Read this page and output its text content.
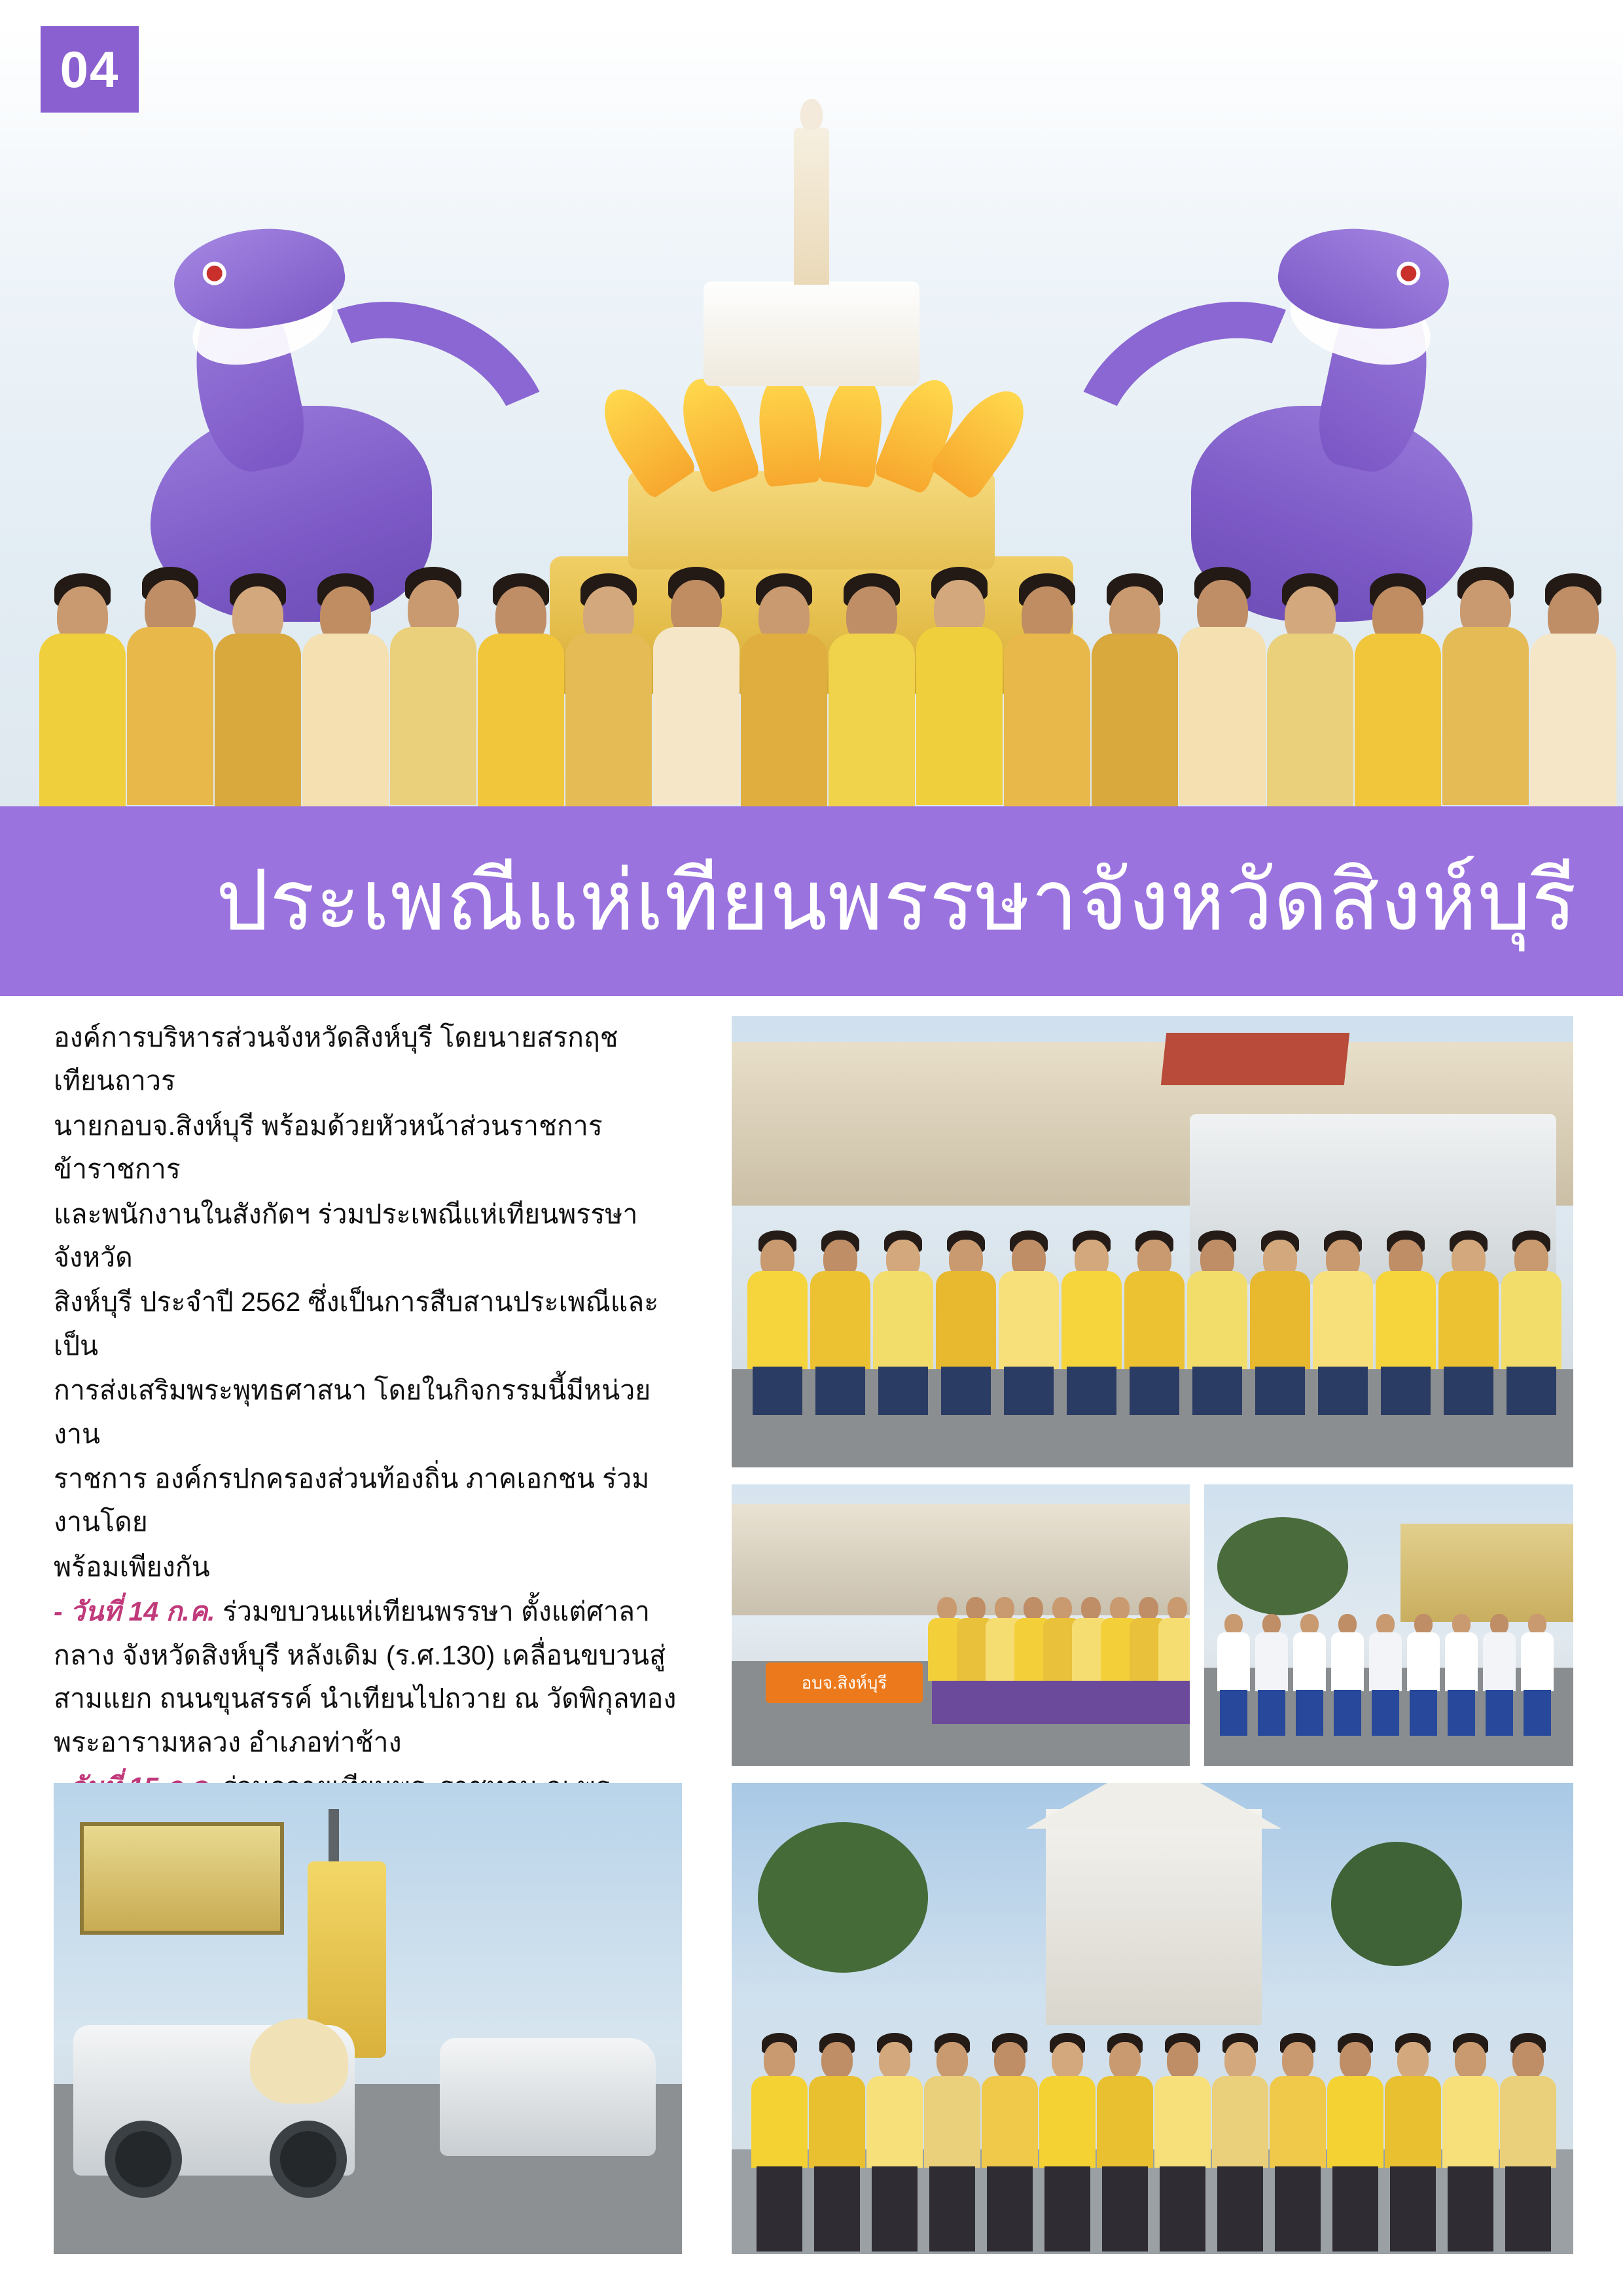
04
ประเพณีแห่เทียนพรรษาจังหวัดสิงห์บุรี

องค์การบริหารส่วนจังหวัดสิงห์บุรี โดยนายสรกฤช เทียนถาวร

นายกอบจ.สิงห์บุรี พร้อมด้วยหัวหน้าส่วนราชการ ข้าราชการ

และพนักงานในสังกัดฯ ร่วมประเพณีแห่เทียนพรรษาจังหวัด

สิงห์บุรี ประจำปี 2562 ซึ่งเป็นการสืบสานประเพณีและเป็น

การส่งเสริมพระพุทธศาสนา โดยในกิจกรรมนี้มีหน่วยงาน

ราชการ องค์กรปกครองส่วนท้องถิ่น ภาคเอกชน ร่วมงานโดย

พร้อมเพียงกัน

- วันที่ 14 ก.ค. ร่วมขบวนแห่เทียนพรรษา ตั้งแต่ศาลากลาง จังหวัดสิงห์บุรี หลังเดิม (ร.ศ.130) เคลื่อนขบวนสู่สามแยก ถนนขุนสรรค์ นำเทียนไปถวาย ณ วัดพิกุลทอง พระอารามหลวง อำเภอท่าช้าง

อบจ.สิงห์บุรี
